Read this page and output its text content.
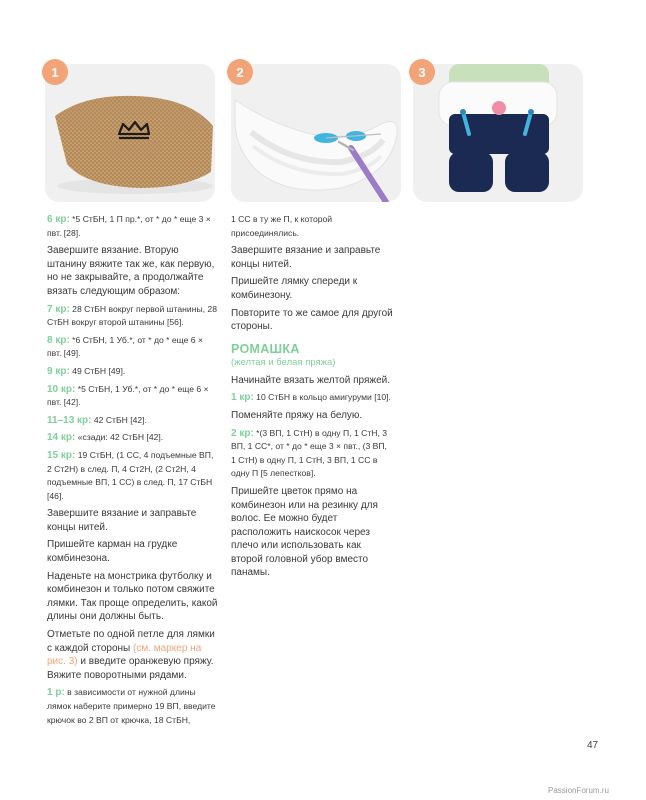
1	2	3

6 кр: *5 СтБН, 1 П пр.*, от * до * еще 3 × пвт. [28].

Завершите вязание. Вторую штанину вяжите так же, как первую, но не закрывайте, а продолжайте вязать следующим образом:

7 кр: 28 СтБН вокруг первой штанины, 28 СтБН вокруг второй штанины [56].

8 кр: *6 СтБН, 1 Уб.*, от * до * еще 6 × пвт. [49].

9 кр: 49 СтБН [49].

10 кр: *5 СтБН, 1 Уб.*, от * до * еще 6 × пвт. [42].

11–13 кр: 42 СтБН [42].

14 кр: «сзади: 42 СтБН [42].

15 кр: 19 СтБН, (1 СС, 4 подъемные ВП, 2 Ст2Н) в след. П, 4 Ст2Н, (2 Ст2Н, 4 подъемные ВП, 1 СС) в след. П, 17 СтБН [46].

Завершите вязание и заправьте концы нитей.

Пришейте карман на грудке комбинезона.

Наденьте на монстрика футболку и комбинезон и только потом свяжите лямки. Так проще определить, какой длины они должны быть.

Отметьте по одной петле для лямки с каждой стороны (см. маркер на рис. 3) и введите оранжевую пряжу. Вяжите поворотными рядами.

1 р: в зависимости от нужной длины лямок наберите примерно 19 ВП, введите крючок во 2 ВП от крючка, 18 СтБН,

1 СС в ту же П, к которой присоединялись.

Завершите вязание и заправьте концы нитей.

Пришейте лямку спереди к комбинезону.

Повторите то же самое для другой стороны.

РОМАШКА
(желтая и белая пряжа)

Начинайте вязать желтой пряжей.

1 кр: 10 СтБН в кольцо амигуруми [10].

Поменяйте пряжу на белую.

2 кр: *(3 ВП, 1 СтН) в одну П, 1 СтН, 3 ВП, 1 СС*, от * до * еще 3 × пвт., (3 ВП, 1 СтН) в одну П, 1 СтН, 3 ВП, 1 СС в одну П [5 лепестков].

Пришейте цветок прямо на комбинезон или на резинку для волос. Ее можно будет расположить наискосок через плечо или использовать как второй головной убор вместо панамы.

47
PassionForum.ru
